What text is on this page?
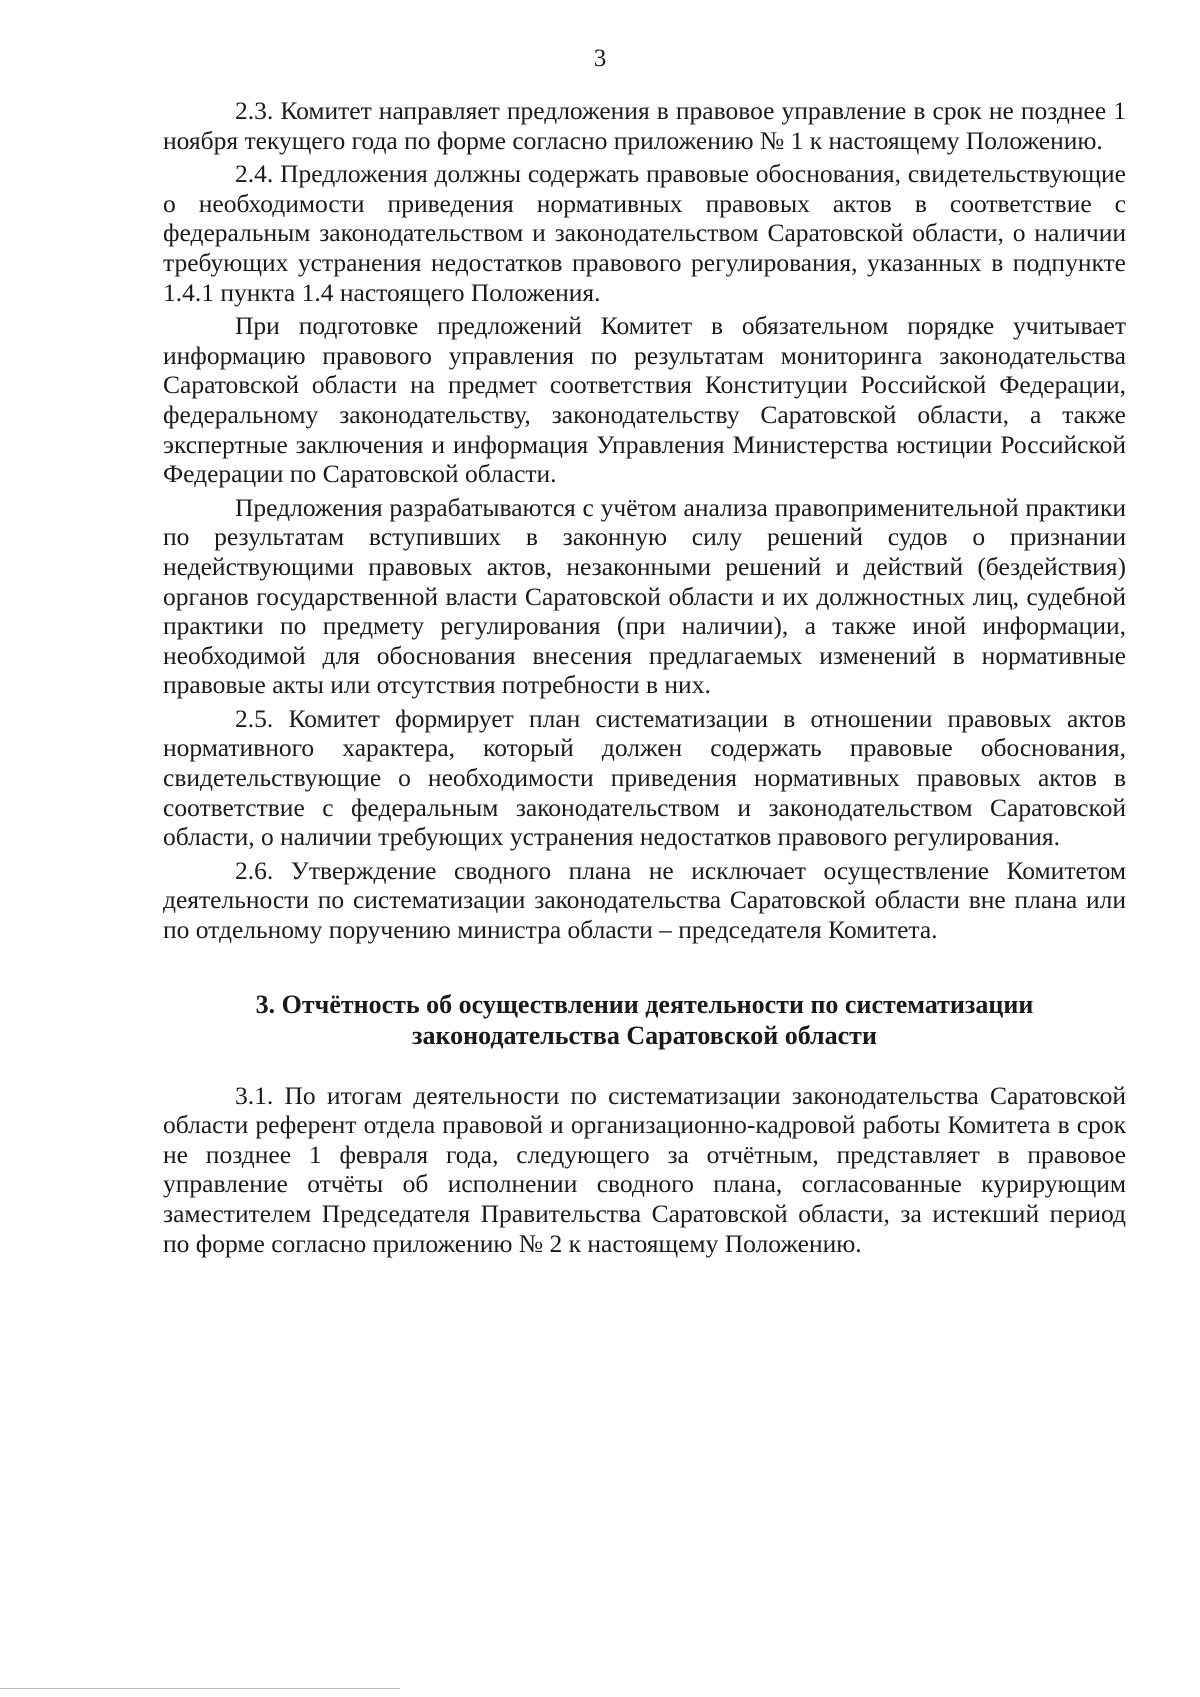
3

2.3. Комитет направляет предложения в правовое управление в срок не позднее 1 ноября текущего года по форме согласно приложению № 1 к настоящему Положению.

2.4. Предложения должны содержать правовые обоснования, свидетельствующие о необходимости приведения нормативных правовых актов в соответствие с федеральным законодательством и законодательством Саратовской области, о наличии требующих устранения недостатков правового регулирования, указанных в подпункте 1.4.1 пункта 1.4 настоящего Положения.

При подготовке предложений Комитет в обязательном порядке учитывает информацию правового управления по результатам мониторинга законодательства Саратовской области на предмет соответствия Конституции Российской Федерации, федеральному законодательству, законодательству Саратовской области, а также экспертные заключения и информация Управления Министерства юстиции Российской Федерации по Саратовской области.

Предложения разрабатываются с учётом анализа правоприменительной практики по результатам вступивших в законную силу решений судов о признании недействующими правовых актов, незаконными решений и действий (бездействия) органов государственной власти Саратовской области и их должностных лиц, судебной практики по предмету регулирования (при наличии), а также иной информации, необходимой для обоснования внесения предлагаемых изменений в нормативные правовые акты или отсутствия потребности в них.

2.5. Комитет формирует план систематизации в отношении правовых актов нормативного характера, который должен содержать правовые обоснования, свидетельствующие о необходимости приведения нормативных правовых актов в соответствие с федеральным законодательством и законодательством Саратовской области, о наличии требующих устранения недостатков правового регулирования.

2.6. Утверждение сводного плана не исключает осуществление Комитетом деятельности по систематизации законодательства Саратовской области вне плана или по отдельному поручению министра области – председателя Комитета.

3. Отчётность об осуществлении деятельности по систематизации
законодательства Саратовской области

3.1. По итогам деятельности по систематизации законодательства Саратовской области референт отдела правовой и организационно-кадровой работы Комитета в срок не позднее 1 февраля года, следующего за отчётным, представляет в правовое управление отчёты об исполнении сводного плана, согласованные курирующим заместителем Председателя Правительства Саратовской области, за истекший период по форме согласно приложению № 2 к настоящему Положению.
